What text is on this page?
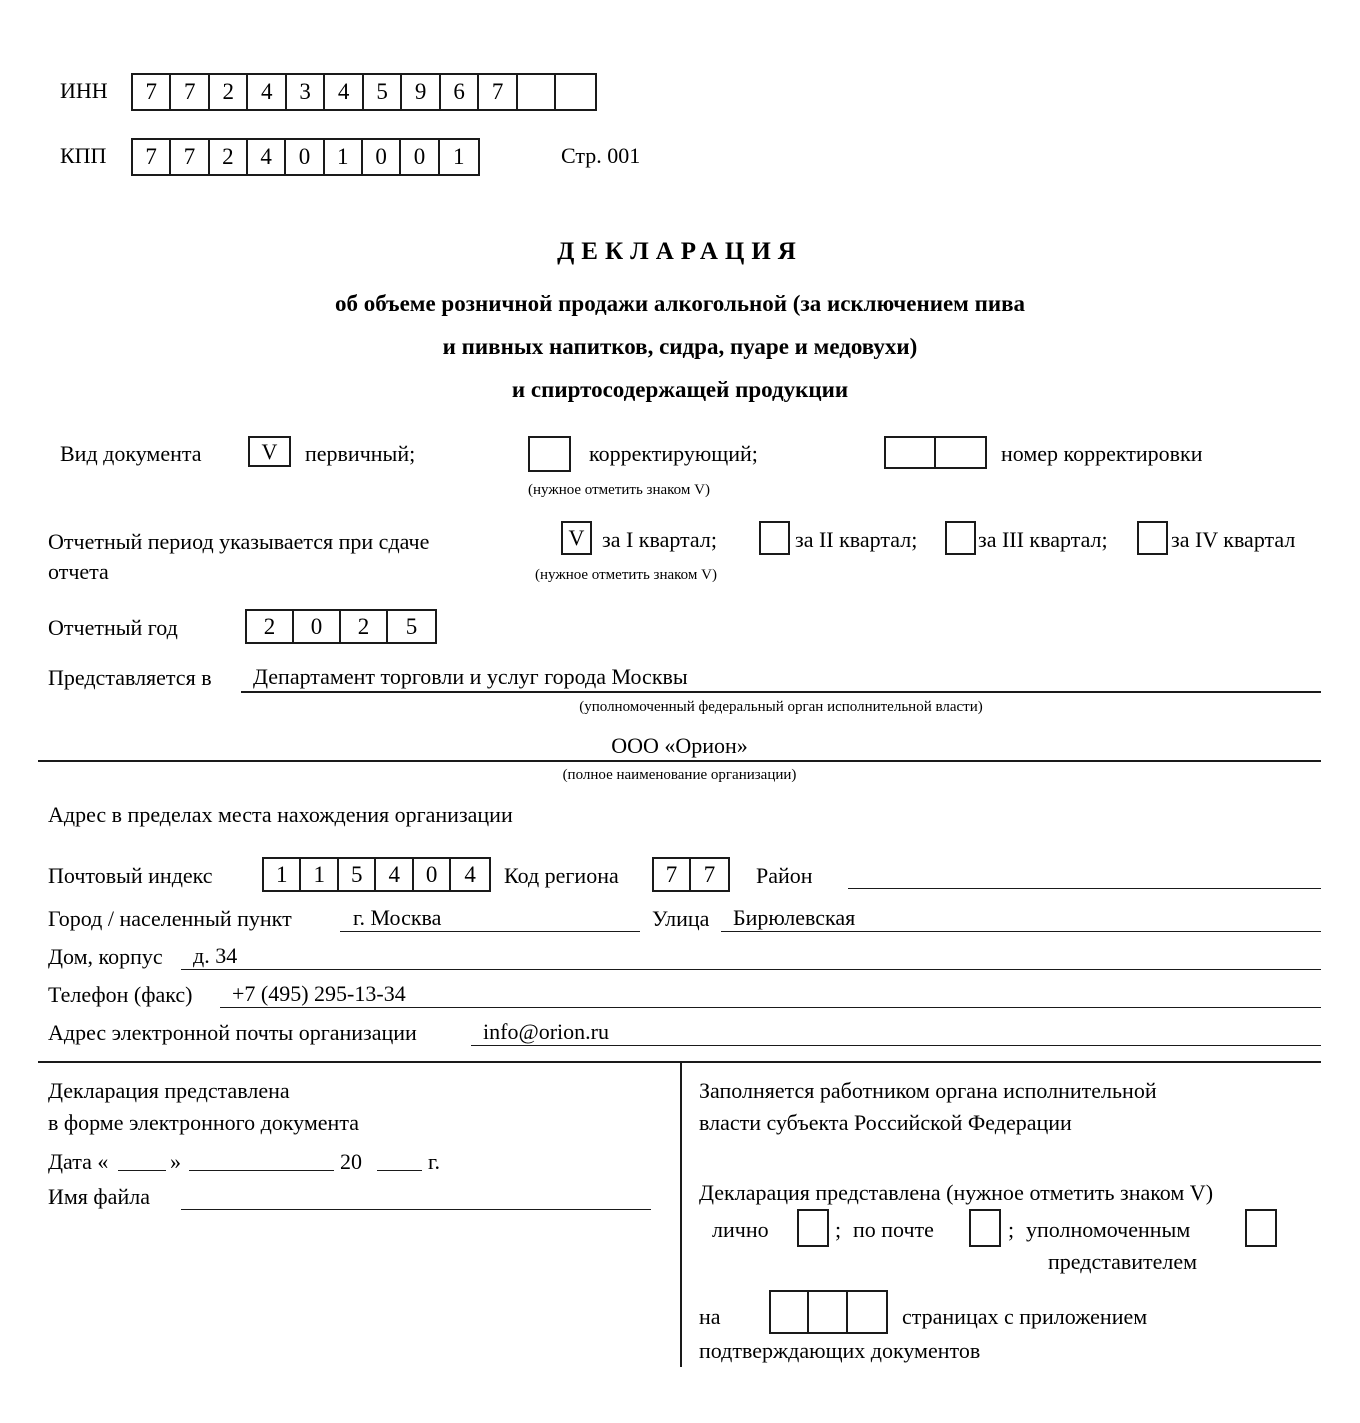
ИНН	7	7	2	4	3	4	5	9	6	7
КПП	7	7	2	4	0	1	0	0	1	Стр. 001
ДЕКЛАРАЦИЯ
об объеме розничной продажи алкогольной (за исключением пива
и пивных напитков, сидра, пуаре и медовухи)
и спиртосодержащей продукции
Вид документа	V	первичный;	корректирующий;	номер корректировки
(нужное отметить знаком V)
Отчетный период указывается при сдаче
отчета
V за I квартал;	за II квартал;	за III квартал;	за IV квартал
(нужное отметить знаком V)
Отчетный год	2	0	2	5
Представляется в Департамент торговли и услуг города Москвы
(уполномоченный федеральный орган исполнительной власти)
ООО «Орион»
(полное наименование организации)
Адрес в пределах места нахождения организации
Почтовый индекс	1	1	5	4	0	4	Код региона	7	7	Район
Город / населенный пункт	г. Москва	Улица Бирюлевская
Дом, корпус д. 34
Телефон (факс) +7 (495) 295-13-34
Адрес электронной почты организации	info@orion.ru
Декларация представлена
в форме электронного документа
Дата «	»	20	г.
Имя файла
Заполняется работником органа исполнительной
власти субъекта Российской Федерации
Декларация представлена (нужное отметить знаком V)
лично	; по почте	; уполномоченным
представителем
на	страницах с приложением
подтверждающих документов
